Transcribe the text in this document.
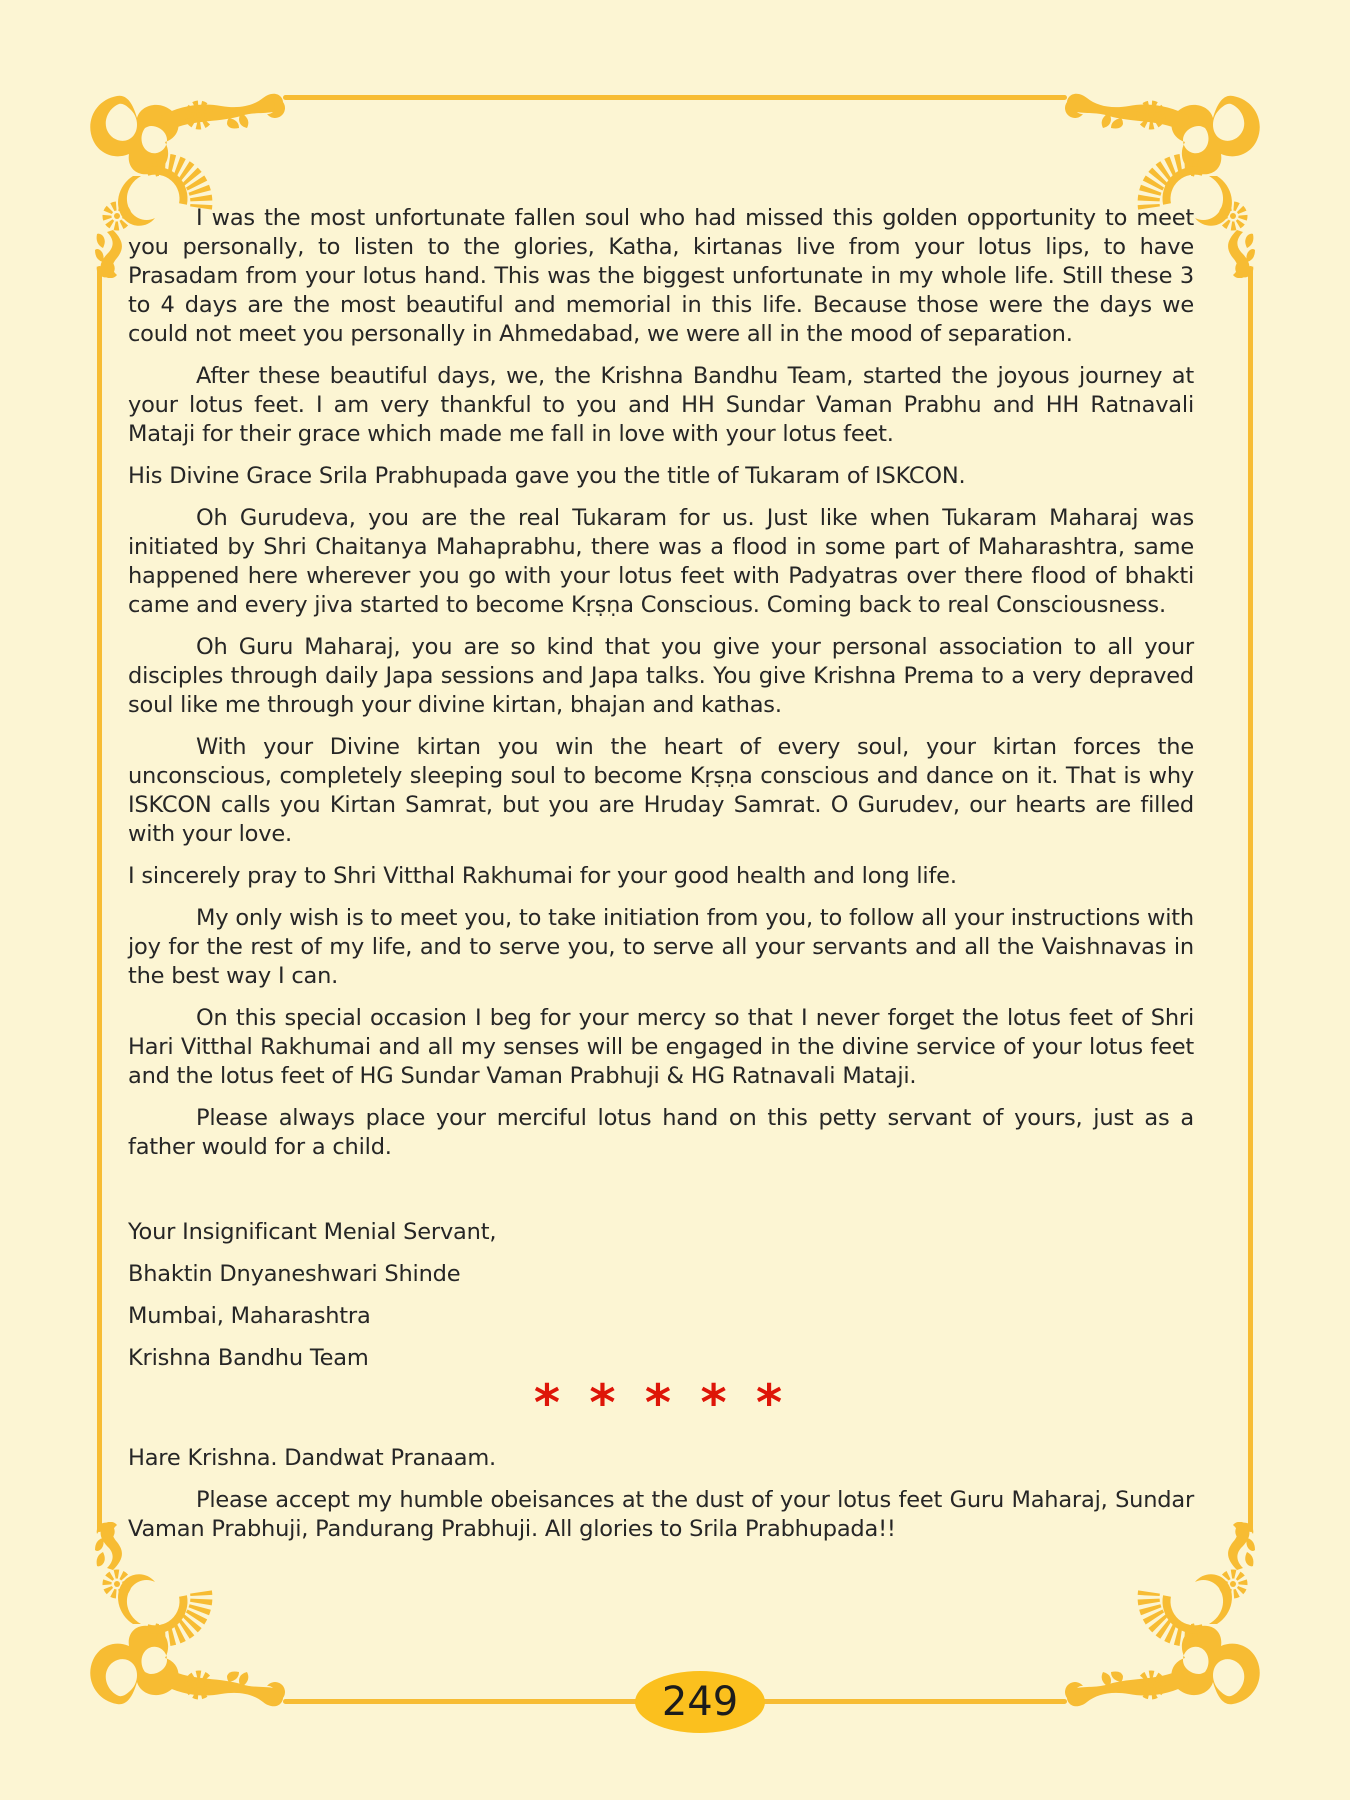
I was the most unfortunate fallen soul who had missed this golden opportunity to meet you personally, to listen to the glories, Katha, kirtanas live from your lotus lips, to have Prasadam from your lotus hand. This was the biggest unfortunate in my whole life. Still these 3 to 4 days are the most beautiful and memorial in this life. Because those were the days we could not meet you personally in Ahmedabad, we were all in the mood of separation.

After these beautiful days, we, the Krishna Bandhu Team, started the joyous journey at your lotus feet. I am very thankful to you and HH Sundar Vaman Prabhu and HH Ratnavali Mataji for their grace which made me fall in love with your lotus feet.

His Divine Grace Srila Prabhupada gave you the title of Tukaram of ISKCON.

Oh Gurudeva, you are the real Tukaram for us. Just like when Tukaram Maharaj was initiated by Shri Chaitanya Mahaprabhu, there was a flood in some part of Maharashtra, same happened here wherever you go with your lotus feet with Padyatras over there flood of bhakti came and every jiva started to become Kṛṣṇa Conscious. Coming back to real Consciousness.

Oh Guru Maharaj, you are so kind that you give your personal association to all your disciples through daily Japa sessions and Japa talks. You give Krishna Prema to a very depraved soul like me through your divine kirtan, bhajan and kathas.

With your Divine kirtan you win the heart of every soul, your kirtan forces the unconscious, completely sleeping soul to become Kṛṣṇa conscious and dance on it. That is why ISKCON calls you Kirtan Samrat, but you are Hruday Samrat. O Gurudev, our hearts are filled with your love.

I sincerely pray to Shri Vitthal Rakhumai for your good health and long life.

My only wish is to meet you, to take initiation from you, to follow all your instructions with joy for the rest of my life, and to serve you, to serve all your servants and all the Vaishnavas in the best way I can.

On this special occasion I beg for your mercy so that I never forget the lotus feet of Shri Hari Vitthal Rakhumai and all my senses will be engaged in the divine service of your lotus feet and the lotus feet of HG Sundar Vaman Prabhuji & HG Ratnavali Mataji.

Please always place your merciful lotus hand on this petty servant of yours, just as a father would for a child.

Your Insignificant Menial Servant,

Bhaktin Dnyaneshwari Shinde

Mumbai, Maharashtra

Krishna Bandhu Team

* * * * *

Hare Krishna. Dandwat Pranaam.

Please accept my humble obeisances at the dust of your lotus feet Guru Maharaj, Sundar Vaman Prabhuji, Pandurang Prabhuji. All glories to Srila Prabhupada!!

249
